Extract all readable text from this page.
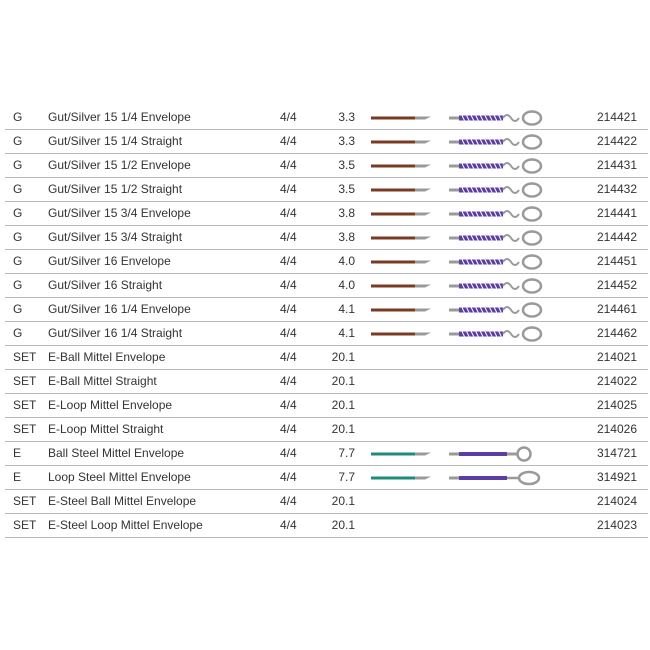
G Gut/Silver 15 1/4 Envelope	4/4	3.3	214421
G Gut/Silver 15 1/4 Straight	4/4	3.3	214422
G Gut/Silver 15 1/2 Envelope	4/4	3.5	214431
G Gut/Silver 15 1/2 Straight	4/4	3.5	214432
G Gut/Silver 15 3/4 Envelope	4/4	3.8	214441
G Gut/Silver 15 3/4 Straight	4/4	3.8	214442
G Gut/Silver 16 Envelope	4/4	4.0	214451
G Gut/Silver 16 Straight	4/4	4.0	214452
G Gut/Silver 16 1/4 Envelope	4/4	4.1	214461
G Gut/Silver 16 1/4 Straight	4/4	4.1	214462
SET E-Ball Mittel Envelope	4/4	20.1	214021
SET E-Ball Mittel Straight	4/4	20.1	214022
SET E-Loop Mittel Envelope	4/4	20.1	214025
SET E-Loop Mittel Straight	4/4	20.1	214026
E Ball Steel Mittel Envelope	4/4	7.7	314721
E Loop Steel Mittel Envelope	4/4	7.7	314921
SET E-Steel Ball Mittel Envelope	4/4	20.1	214024
SET E-Steel Loop Mittel Envelope	4/4	20.1	214023
